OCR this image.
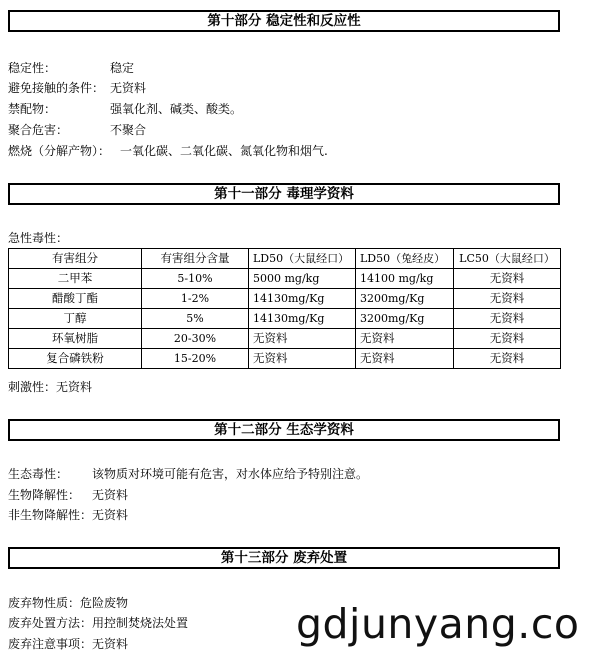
第十部分 稳定性和反应性
稳定性：	稳定
避免接触的条件： 无资料
禁配物：	强氧化剂、碱类、酸类。
聚合危害：	不聚合
燃烧（分解产物）： 一氧化碳、二氧化碳、氮氧化物和烟气.
第十一部分 毒理学资料
急性毒性：
有害组分	有害组分含量	LD50（大鼠经口）	LD50（兔经皮）	LC50（大鼠经口）
二甲苯	5-10%	5000 mg/kg	14100 mg/kg	无资料
醋酸丁酯	1-2%	14130mg/Kg	3200mg/Kg	无资料
丁醇	5%	14130mg/Kg	3200mg/Kg	无资料
环氧树脂	20-30%	无资料	无资料	无资料
复合磷铁粉	15-20%	无资料	无资料	无资料
刺激性：无资料
第十二部分 生态学资料
生态毒性： 该物质对环境可能有危害，对水体应给予特别注意。
生物降解性： 无资料
非生物降解性： 无资料
第十三部分 废弃处置
废弃物性质：危险废物
废弃处置方法：用控制焚烧法处置
废弃注意事项：无资料	gdjunyang.co
